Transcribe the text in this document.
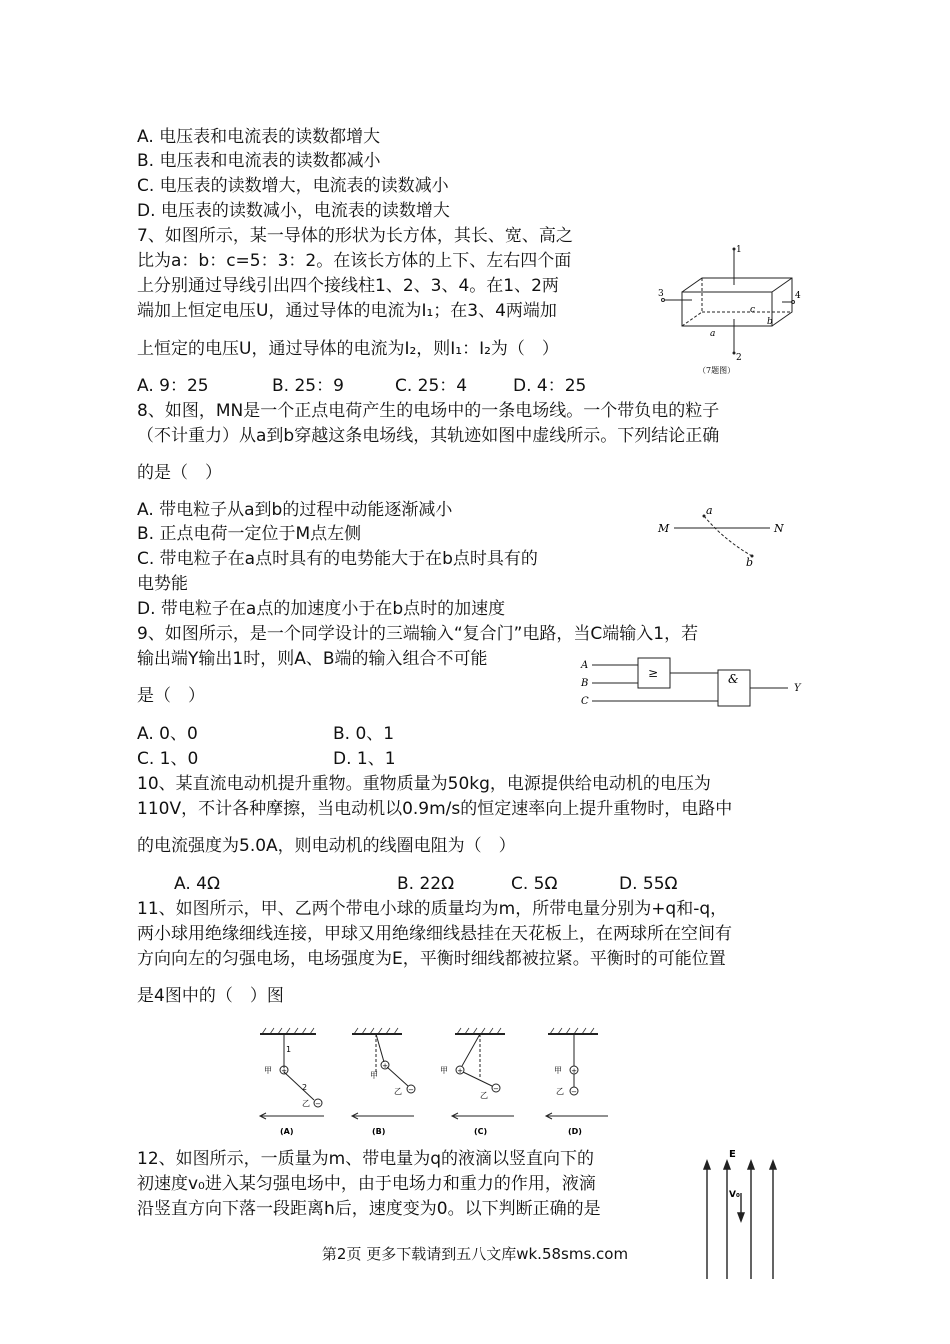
A. 电压表和电流表的读数都增大
B. 电压表和电流表的读数都减小
C. 电压表的读数增大，电流表的读数减小
D. 电压表的读数减小，电流表的读数增大
7、如图所示，某一导体的形状为长方体，其长、宽、高之
比为a：b：c=5：3：2。在该长方体的上下、左右四个面
上分别通过导线引出四个接线柱1、2、3、4。在1、2两
端加上恒定电压U，通过导体的电流为I₁；在3、4两端加
上恒定的电压U，通过导体的电流为I₂，则I₁：I₂为（　）
A. 9：25	B. 25：9	C. 25：4	D. 4：25
1
2
3	4
a
b
c
（7题图）
8、如图，MN是一个正点电荷产生的电场中的一条电场线。一个带负电的粒子
（不计重力）从a到b穿越这条电场线，其轨迹如图中虚线所示。下列结论正确
的是（　）
A. 带电粒子从a到b的过程中动能逐渐减小
B. 正点电荷一定位于M点左侧
C. 带电粒子在a点时具有的电势能大于在b点时具有的
电势能
D. 带电粒子在a点的加速度小于在b点时的加速度
M	N
a
b
9、如图所示，是一个同学设计的三端输入“复合门”电路，当C端输入1，若
输出端Y输出1时，则A、B端的输入组合不可能
是（　）
A. 0、0	B. 0、1
C. 1、0	D. 1、1
A
B
C
Y
≥	&
10、某直流电动机提升重物。重物质量为50kg，电源提供给电动机的电压为
110V，不计各种摩擦，当电动机以0.9m/s的恒定速率向上提升重物时，电路中
的电流强度为5.0A，则电动机的线圈电阻为（　）
A. 4Ω	B. 22Ω	C. 5Ω	D. 55Ω
11、如图所示，甲、乙两个带电小球的质量均为m，所带电量分别为+q和-q，
两小球用绝缘细线连接，甲球又用绝缘细线悬挂在天花板上，在两球所在空间有
方向向左的匀强电场，电场强度为E，平衡时细线都被拉紧。平衡时的可能位置
是4图中的（　）图
+
−
+
−
+
−
+
−
甲
1
2
乙
甲
乙
甲
乙
甲
乙
(A)	(B)	(C)	(D)
12、如图所示，一质量为m、带电量为q的液滴以竖直向下的
初速度v₀进入某匀强电场中，由于电场力和重力的作用，液滴
沿竖直方向下落一段距离h后，速度变为0。以下判断正确的是
E
V₀
第2页 更多下载请到五八文库wk.58sms.com
